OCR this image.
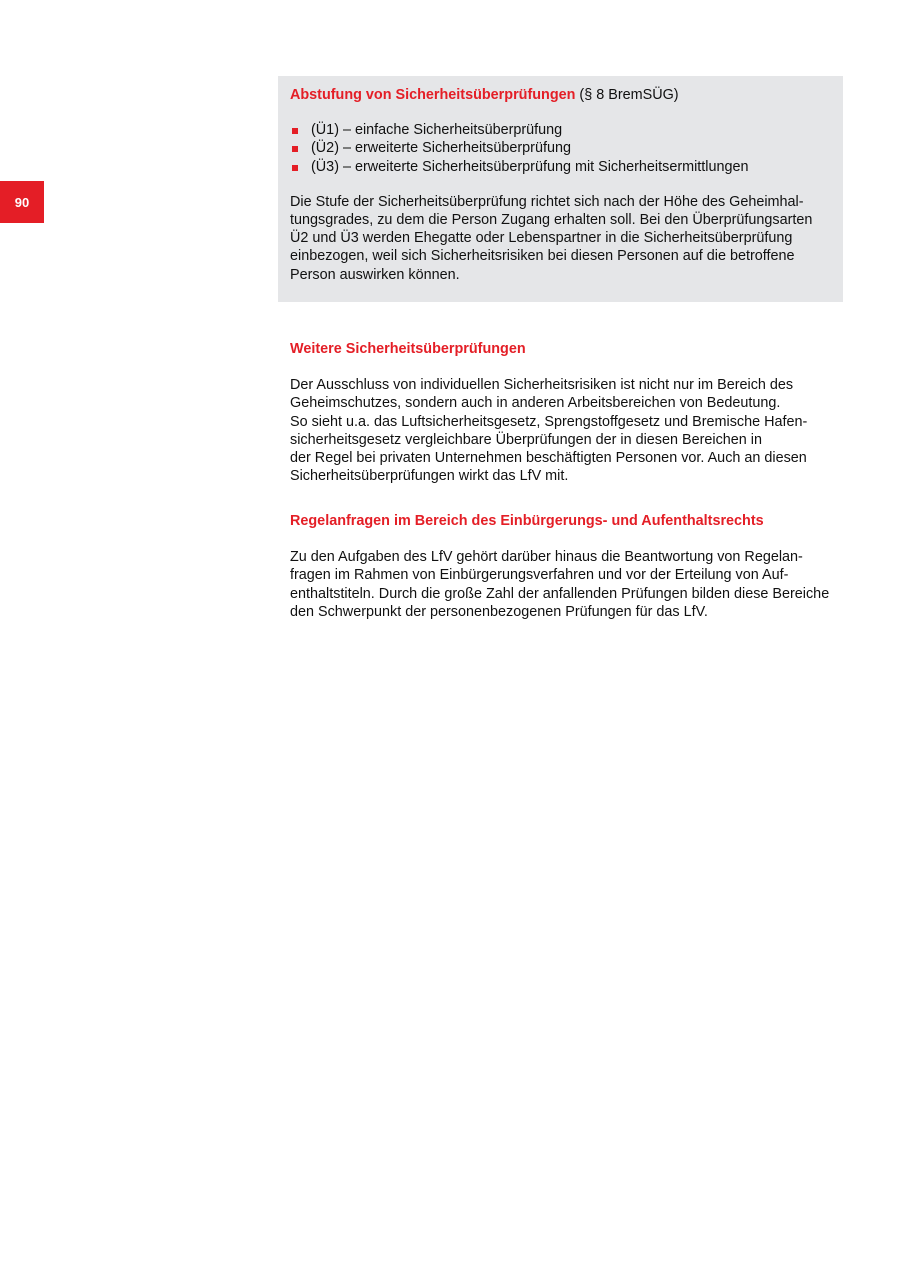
90
Abstufung von Sicherheitsüberprüfungen (§ 8 BremSÜG)
(Ü1) – einfache Sicherheitsüberprüfung
(Ü2) – erweiterte Sicherheitsüberprüfung
(Ü3) – erweiterte Sicherheitsüberprüfung mit Sicherheitsermittlungen
Die Stufe der Sicherheitsüberprüfung richtet sich nach der Höhe des Geheimhal-
tungsgrades, zu dem die Person Zugang erhalten soll. Bei den Überprüfungsarten
Ü2 und Ü3 werden Ehegatte oder Lebenspartner in die Sicherheitsüberprüfung
einbezogen, weil sich Sicherheitsrisiken bei diesen Personen auf die betroffene
Person auswirken können.
Weitere Sicherheitsüberprüfungen

Der Ausschluss von individuellen Sicherheitsrisiken ist nicht nur im Bereich des
Geheimschutzes, sondern auch in anderen Arbeitsbereichen von Bedeutung.
So sieht u.a. das Luftsicherheitsgesetz, Sprengstoffgesetz und Bremische Hafen-
sicherheitsgesetz vergleichbare Überprüfungen der in diesen Bereichen in
der Regel bei privaten Unternehmen beschäftigten Personen vor. Auch an diesen
Sicherheitsüberprüfungen wirkt das LfV mit.

Regelanfragen im Bereich des Einbürgerungs- und Aufenthaltsrechts

Zu den Aufgaben des LfV gehört darüber hinaus die Beantwortung von Regelan-
fragen im Rahmen von Einbürgerungsverfahren und vor der Erteilung von Auf-
enthaltstiteln. Durch die große Zahl der anfallenden Prüfungen bilden diese Bereiche
den Schwerpunkt der personenbezogenen Prüfungen für das LfV.
